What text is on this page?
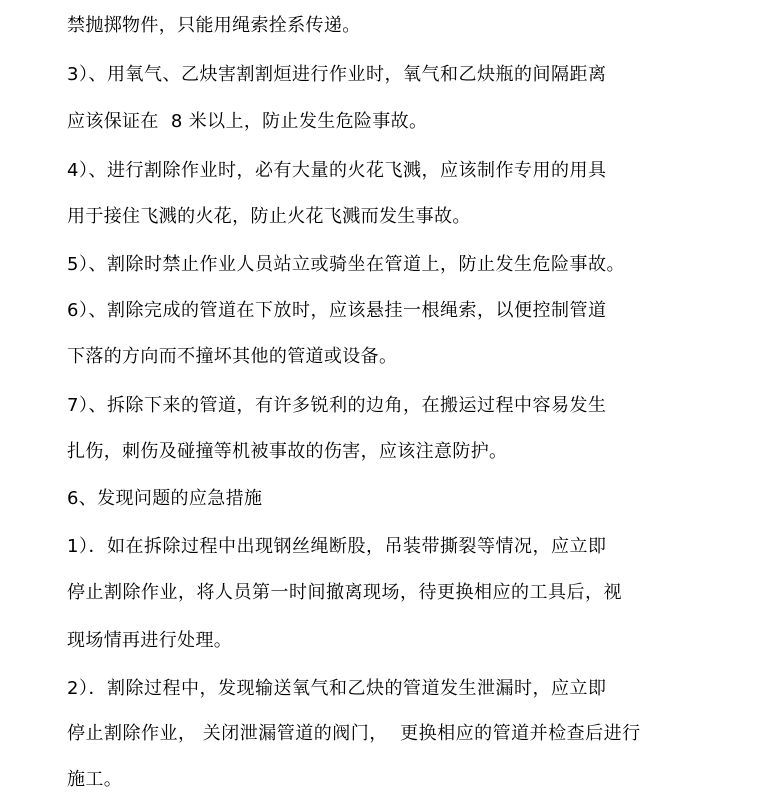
禁抛掷物件，只能用绳索拴系传递。
3）、用氧气、乙炔害割割烜进行作业时，氧气和乙炔瓶的间隔距离
应该保证在  8 米以上，防止发生危险事故。
4）、进行割除作业时，必有大量的火花飞溅，应该制作专用的用具
用于接住飞溅的火花，防止火花飞溅而发生事故。
5）、割除时禁止作业人员站立或骑坐在管道上，防止发生危险事故。
6）、割除完成的管道在下放时，应该悬挂一根绳索，以便控制管道
下落的方向而不撞坏其他的管道或设备。
7）、拆除下来的管道，有许多锐利的边角，在搬运过程中容易发生
扎伤，刺伤及碰撞等机被事故的伤害，应该注意防护。
6、发现问题的应急措施
1）．如在拆除过程中出现钢丝绳断股，吊装带撕裂等情况，应立即
停止割除作业，将人员第一时间撤离现场，待更换相应的工具后，视
现场情再进行处理。
2）．割除过程中，发现输送氧气和乙炔的管道发生泄漏时，应立即
停止割除作业， 关闭泄漏管道的阀门，  更换相应的管道并检查后进行
施工。
